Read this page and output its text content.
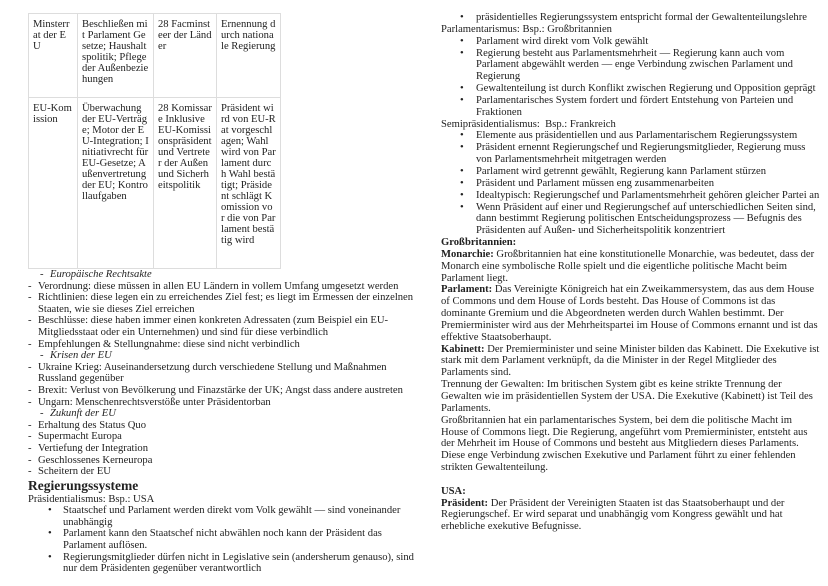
Minsterrat der EU	Beschließen mit Parlament Gesetze; Haushaltspolitik; Pflege der Außenbeziehungen	28 Facminsteer der Länder	Ernennung durch nationale Regierung
EU-Komission	Überwachung der EU-Verträge; Motor der EU-Integration; Initiativrecht für EU-Gesetze; Außenvertretung der EU; Kontrollaufgaben	28 Komissare Inklusive EU-Komissionspräsident und Vertreter der Außen und Sicherheitspolitik	Präsident wird von EU-Rat vorgeschlagen; Wahl wird von Parlament durch Wahl bestätigt; Präsident schlägt Komission vor die von Parlament bestätig wird
- Europäische Rechtsakte
- Verordnung: diese müssen in allen EU Ländern in vollem Umfang umgesetzt werden
- Richtlinien: diese legen ein zu erreichendes Ziel fest; es liegt im Ermessen der einzelnen Staaten, wie sie dieses Ziel erreichen
- Beschlüsse: diese haben immer einen konkreten Adressaten (zum Beispiel ein EU-Mitgliedsstaat oder ein Unternehmen) und sind für diese verbindlich
- Empfehlungen & Stellungnahme: diese sind nicht verbindlich
- Krisen der EU
- Ukraine Krieg: Auseinandersetzung durch verschiedene Stellung und Maßnahmen Russland gegenüber
- Brexit: Verlust von Bevölkerung und Finazstärke der UK; Angst dass andere austreten
- Ungarn: Menschenrechtsverstöße unter Präsidentorban
- Zukunft der EU
- Erhaltung des Status Quo
- Supermacht Europa
- Vertiefung der Integration
- Geschlossenes Kerneuropa
- Scheitern der EU
Regierungssysteme
Präsidentialismus: Bsp.: USA
• Staatschef und Parlament werden direkt vom Volk gewählt — sind voneinander unabhängig
• Parlament kann den Staatschef nicht abwählen noch kann der Präsident das Parlament auflösen.
• Regierungsmitglieder dürfen nicht in Legislative sein (andersherum genauso), sind nur dem Präsidenten gegenüber verantwortlich
• präsidentielles Regierungssystem entspricht formal der Gewaltenteilungslehre
Parlamentarismus: Bsp.: Großbritannien
• Parlament wird direkt vom Volk gewählt
• Regierung besteht aus Parlamentsmehrheit — Regierung kann auch vom Parlament abgewählt werden — enge Verbindung zwischen Parlament und Regierung
• Gewaltenteilung ist durch Konflikt zwischen Regierung und Opposition geprägt
• Parlamentarisches System fordert und fördert Entstehung von Parteien und Fraktionen
Semipräsidentialismus:  Bsp.: Frankreich
• Elemente aus präsidentiellen und aus Parlamentarischem Regierungssystem
• Präsident ernennt Regierungschef und Regierungsmitglieder, Regierung muss von Parlamentsmehrheit mitgetragen werden
• Parlament wird getrennt gewählt, Regierung kann Parlament stürzen
• Präsident und Parlament müssen eng zusammenarbeiten
• Idealtypisch: Regierungschef und Parlamentsmehrheit gehören gleicher Partei an
• Wenn Präsident auf einer und Regierungschef auf unterschiedlichen Seiten sind, dann bestimmt Regierung politischen Entscheidungsprozess — Befugnis des Präsidenten auf Außen- und Sicherheitspolitik konzentriert
Großbritannien:
Monarchie: Großbritannien hat eine konstitutionelle Monarchie, was bedeutet, dass der Monarch eine symbolische Rolle spielt und die eigentliche politische Macht beim Parlament liegt.
Parlament: Das Vereinigte Königreich hat ein Zweikammersystem, das aus dem House of Commons und dem House of Lords besteht. Das House of Commons ist das dominante Gremium und die Abgeordneten werden durch Wahlen bestimmt. Der Premierminister wird aus der Mehrheitspartei im House of Commons ernannt und ist das effektive Staatsoberhaupt.
Kabinett: Der Premierminister und seine Minister bilden das Kabinett. Die Exekutive ist stark mit dem Parlament verknüpft, da die Minister in der Regel Mitglieder des Parlaments sind.
Trennung der Gewalten: Im britischen System gibt es keine strikte Trennung der Gewalten wie im präsidentiellen System der USA. Die Exekutive (Kabinett) ist Teil des Parlaments.
Großbritannien hat ein parlamentarisches System, bei dem die politische Macht im House of Commons liegt. Die Regierung, angeführt vom Premierminister, entsteht aus der Mehrheit im House of Commons und besteht aus Mitgliedern dieses Parlaments. Diese enge Verbindung zwischen Exekutive und Parlament führt zu einer fehlenden strikten Gewaltenteilung.
USA:
Präsident: Der Präsident der Vereinigten Staaten ist das Staatsoberhaupt und der Regierungschef. Er wird separat und unabhängig vom Kongress gewählt und hat erhebliche exekutive Befugnisse.
